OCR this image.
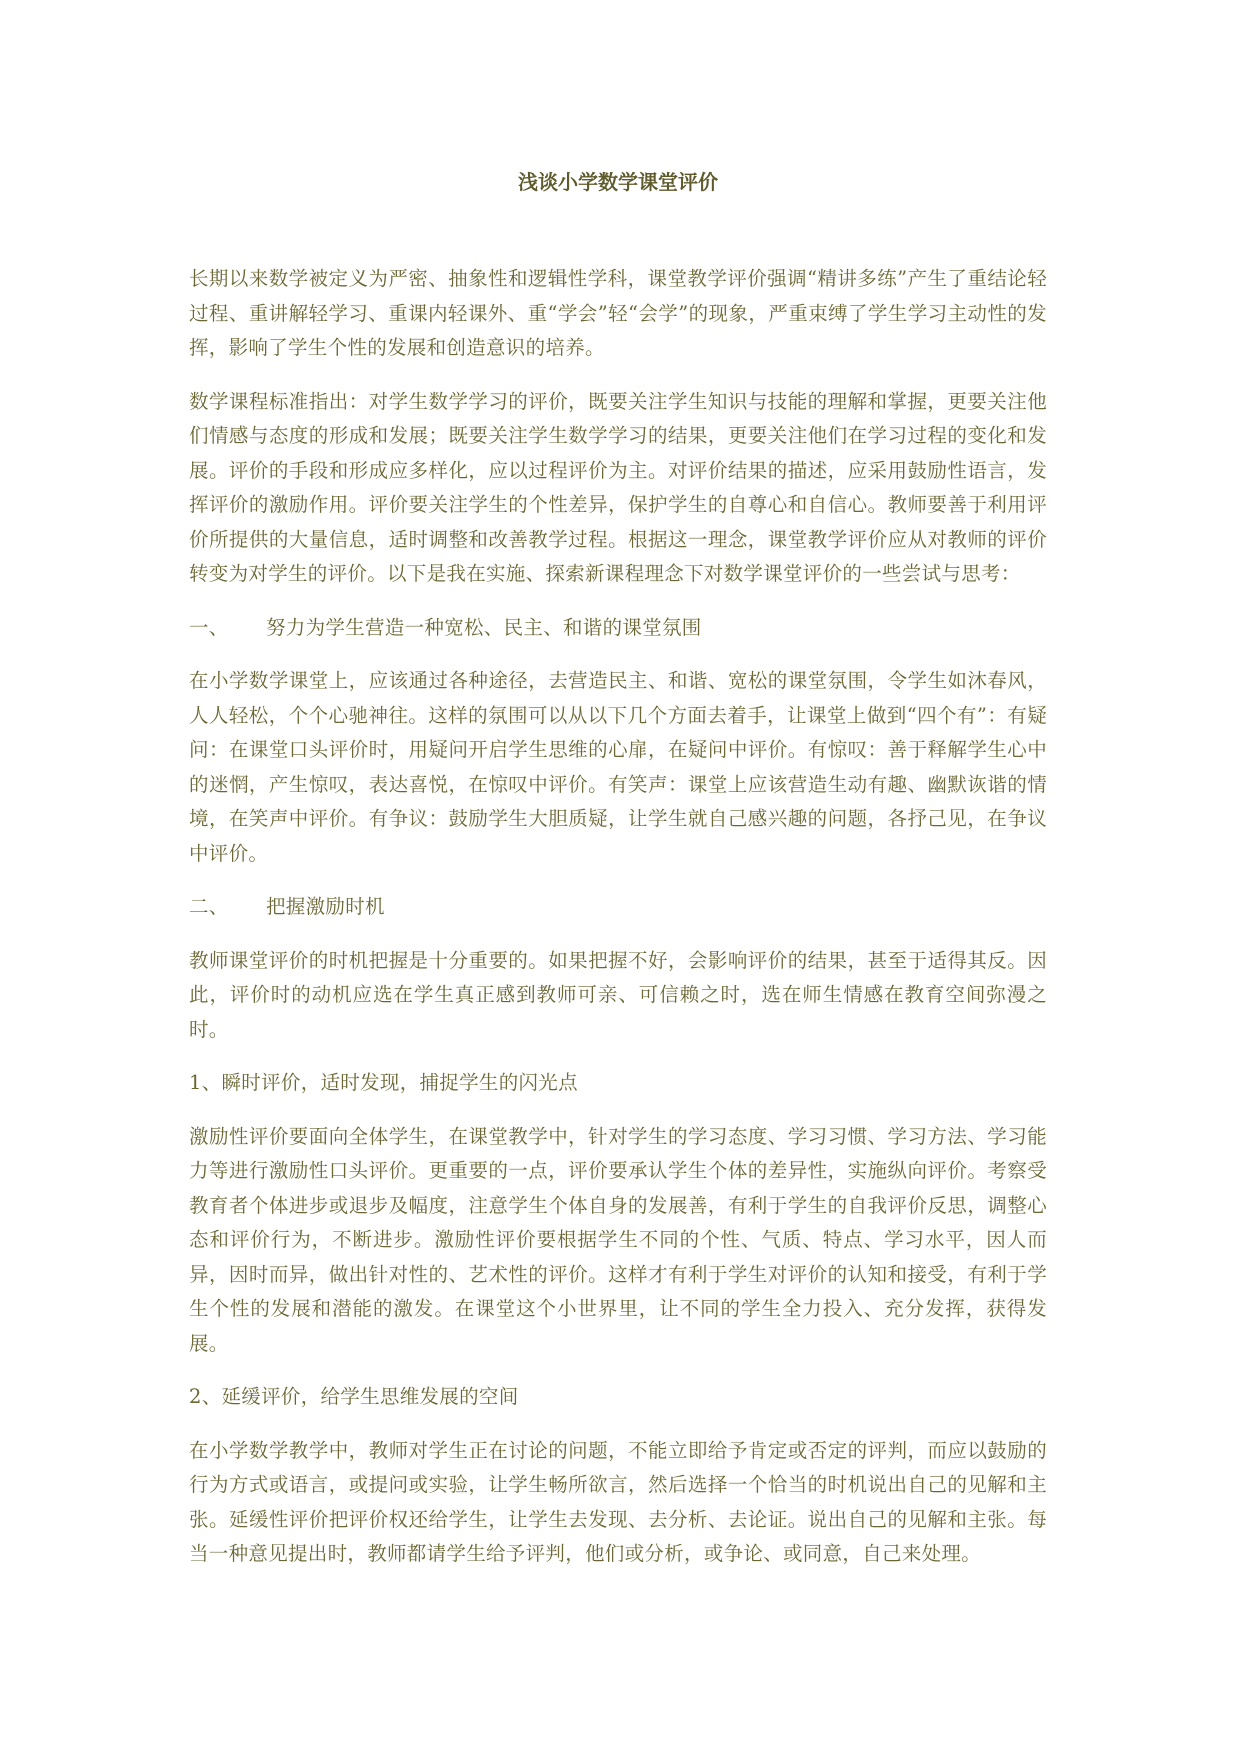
浅谈小学数学课堂评价

长期以来数学被定义为严密、抽象性和逻辑性学科，课堂教学评价强调“精讲多练”产生了重结论轻过程、重讲解轻学习、重课内轻课外、重“学会”轻“会学”的现象，严重束缚了学生学习主动性的发挥，影响了学生个性的发展和创造意识的培养。

数学课程标准指出：对学生数学学习的评价，既要关注学生知识与技能的理解和掌握，更要关注他们情感与态度的形成和发展；既要关注学生数学学习的结果，更要关注他们在学习过程的变化和发展。评价的手段和形成应多样化，应以过程评价为主。对评价结果的描述，应采用鼓励性语言，发挥评价的激励作用。评价要关注学生的个性差异，保护学生的自尊心和自信心。教师要善于利用评价所提供的大量信息，适时调整和改善教学过程。根据这一理念，课堂教学评价应从对教师的评价转变为对学生的评价。以下是我在实施、探索新课程理念下对数学课堂评价的一些尝试与思考：

一、 努力为学生营造一种宽松、民主、和谐的课堂氛围

在小学数学课堂上，应该通过各种途径，去营造民主、和谐、宽松的课堂氛围，令学生如沐春风，人人轻松，个个心驰神往。这样的氛围可以从以下几个方面去着手，让课堂上做到“四个有”：有疑问：在课堂口头评价时，用疑问开启学生思维的心扉，在疑问中评价。有惊叹：善于释解学生心中的迷惘，产生惊叹，表达喜悦，在惊叹中评价。有笑声：课堂上应该营造生动有趣、幽默诙谐的情境，在笑声中评价。有争议：鼓励学生大胆质疑，让学生就自己感兴趣的问题，各抒己见，在争议中评价。

二、 把握激励时机

教师课堂评价的时机把握是十分重要的。如果把握不好，会影响评价的结果，甚至于适得其反。因此，评价时的动机应选在学生真正感到教师可亲、可信赖之时，选在师生情感在教育空间弥漫之时。

1、瞬时评价，适时发现，捕捉学生的闪光点

激励性评价要面向全体学生，在课堂教学中，针对学生的学习态度、学习习惯、学习方法、学习能力等进行激励性口头评价。更重要的一点，评价要承认学生个体的差异性，实施纵向评价。考察受教育者个体进步或退步及幅度，注意学生个体自身的发展善，有利于学生的自我评价反思，调整心态和评价行为，不断进步。激励性评价要根据学生不同的个性、气质、特点、学习水平，因人而异，因时而异，做出针对性的、艺术性的评价。这样才有利于学生对评价的认知和接受，有利于学生个性的发展和潜能的激发。在课堂这个小世界里，让不同的学生全力投入、充分发挥，获得发展。

2、延缓评价，给学生思维发展的空间

在小学数学教学中，教师对学生正在讨论的问题，不能立即给予肯定或否定的评判，而应以鼓励的行为方式或语言，或提问或实验，让学生畅所欲言，然后选择一个恰当的时机说出自己的见解和主张。延缓性评价把评价权还给学生，让学生去发现、去分析、去论证。说出自己的见解和主张。每当一种意见提出时，教师都请学生给予评判，他们或分析，或争论、或同意，自己来处理。
